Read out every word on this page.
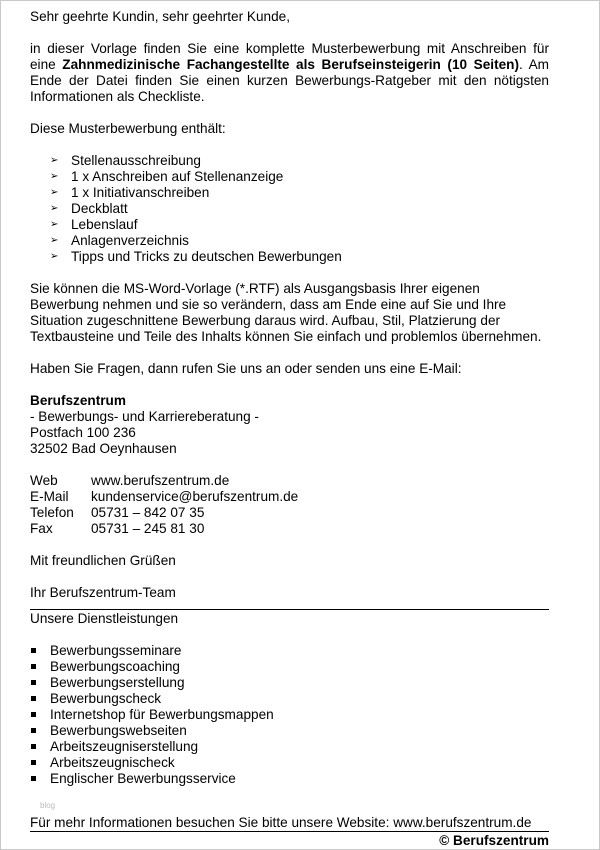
Sehr geehrte Kundin, sehr geehrter Kunde,

in dieser Vorlage finden Sie eine komplette Musterbewerbung mit Anschreiben für eine Zahnmedizinische Fachangestellte als Berufseinsteigerin (10 Seiten). Am Ende der Datei finden Sie einen kurzen Bewerbungs-Ratgeber mit den nötigsten Informationen als Checkliste.

Diese Musterbewerbung enthält:

➢ Stellenausschreibung
➢ 1 x Anschreiben auf Stellenanzeige
➢ 1 x Initiativanschreiben
➢ Deckblatt
➢ Lebenslauf
➢ Anlagenverzeichnis
➢ Tipps und Tricks zu deutschen Bewerbungen

Sie können die MS-Word-Vorlage (*.RTF) als Ausgangsbasis Ihrer eigenen Bewerbung nehmen und sie so verändern, dass am Ende eine auf Sie und Ihre Situation zugeschnittene Bewerbung daraus wird. Aufbau, Stil, Platzierung der Textbausteine und Teile des Inhalts können Sie einfach und problemlos übernehmen.

Haben Sie Fragen, dann rufen Sie uns an oder senden uns eine E-Mail:

Berufszentrum

- Bewerbungs- und Karriereberatung -

Postfach 100 236

32502 Bad Oeynhausen

Web	www.berufszentrum.de
E-Mail	kundenservice@berufszentrum.de
Telefon	05731 – 842 07 35
Fax	05731 – 245 81 30

Mit freundlichen Grüßen

Ihr Berufszentrum-Team

Unsere Dienstleistungen

Bewerbungsseminare
Bewerbungscoaching
Bewerbungserstellung
Bewerbungscheck
Internetshop für Bewerbungsmappen
Bewerbungswebseiten
Arbeitszeugniserstellung
Arbeitszeugnischeck
Englischer Bewerbungsservice
blog

Für mehr Informationen besuchen Sie bitte unsere Website: www.berufszentrum.de

© Berufszentrum
